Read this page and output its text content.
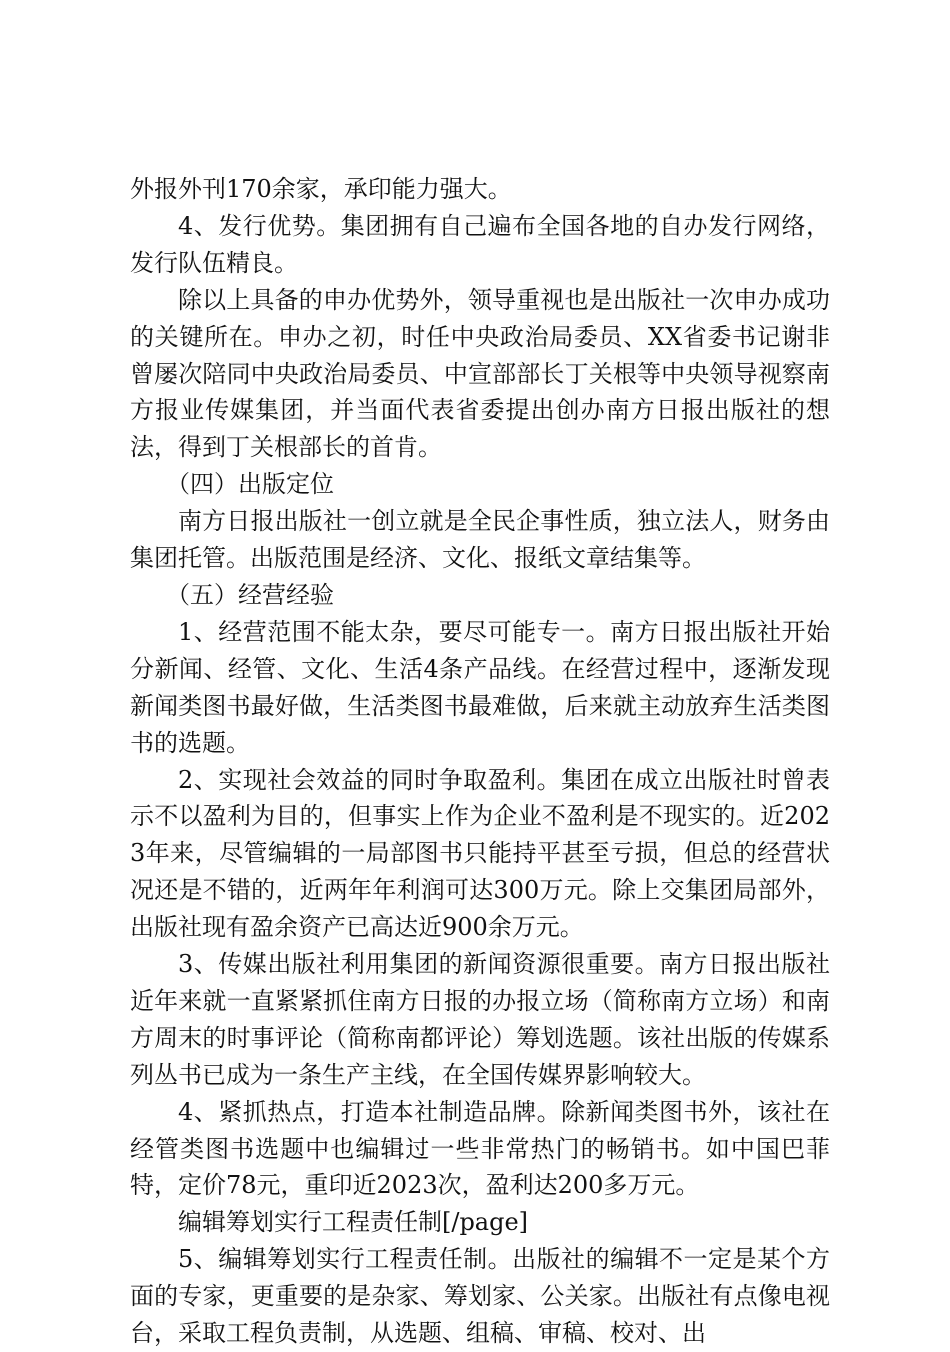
外报外刊170余家，承印能力强大。

4、发行优势。集团拥有自己遍布全国各地的自办发行网络，发行队伍精良。

除以上具备的申办优势外，领导重视也是出版社一次申办成功的关键所在。申办之初，时任中央政治局委员、XX省委书记谢非曾屡次陪同中央政治局委员、中宣部部长丁关根等中央领导视察南方报业传媒集团，并当面代表省委提出创办南方日报出版社的想法，得到丁关根部长的首肯。

（四）出版定位

南方日报出版社一创立就是全民企事性质，独立法人，财务由集团托管。出版范围是经济、文化、报纸文章结集等。

（五）经营经验

1、经营范围不能太杂，要尽可能专一。南方日报出版社开始分新闻、经管、文化、生活4条产品线。在经营过程中，逐渐发现新闻类图书最好做，生活类图书最难做，后来就主动放弃生活类图书的选题。

2、实现社会效益的同时争取盈利。集团在成立出版社时曾表示不以盈利为目的，但事实上作为企业不盈利是不现实的。近2023年来，尽管编辑的一局部图书只能持平甚至亏损，但总的经营状况还是不错的，近两年年利润可达300万元。除上交集团局部外，出版社现有盈余资产已高达近900余万元。

3、传媒出版社利用集团的新闻资源很重要。南方日报出版社近年来就一直紧紧抓住南方日报的办报立场（简称南方立场）和南方周末的时事评论（简称南都评论）筹划选题。该社出版的传媒系列丛书已成为一条生产主线，在全国传媒界影响较大。

4、紧抓热点，打造本社制造品牌。除新闻类图书外，该社在经管类图书选题中也编辑过一些非常热门的畅销书。如中国巴菲特，定价78元，重印近2023次，盈利达200多万元。

编辑筹划实行工程责任制[/page]

5、编辑筹划实行工程责任制。出版社的编辑不一定是某个方面的专家，更重要的是杂家、筹划家、公关家。出版社有点像电视台，采取工程负责制，从选题、组稿、审稿、校对、出
